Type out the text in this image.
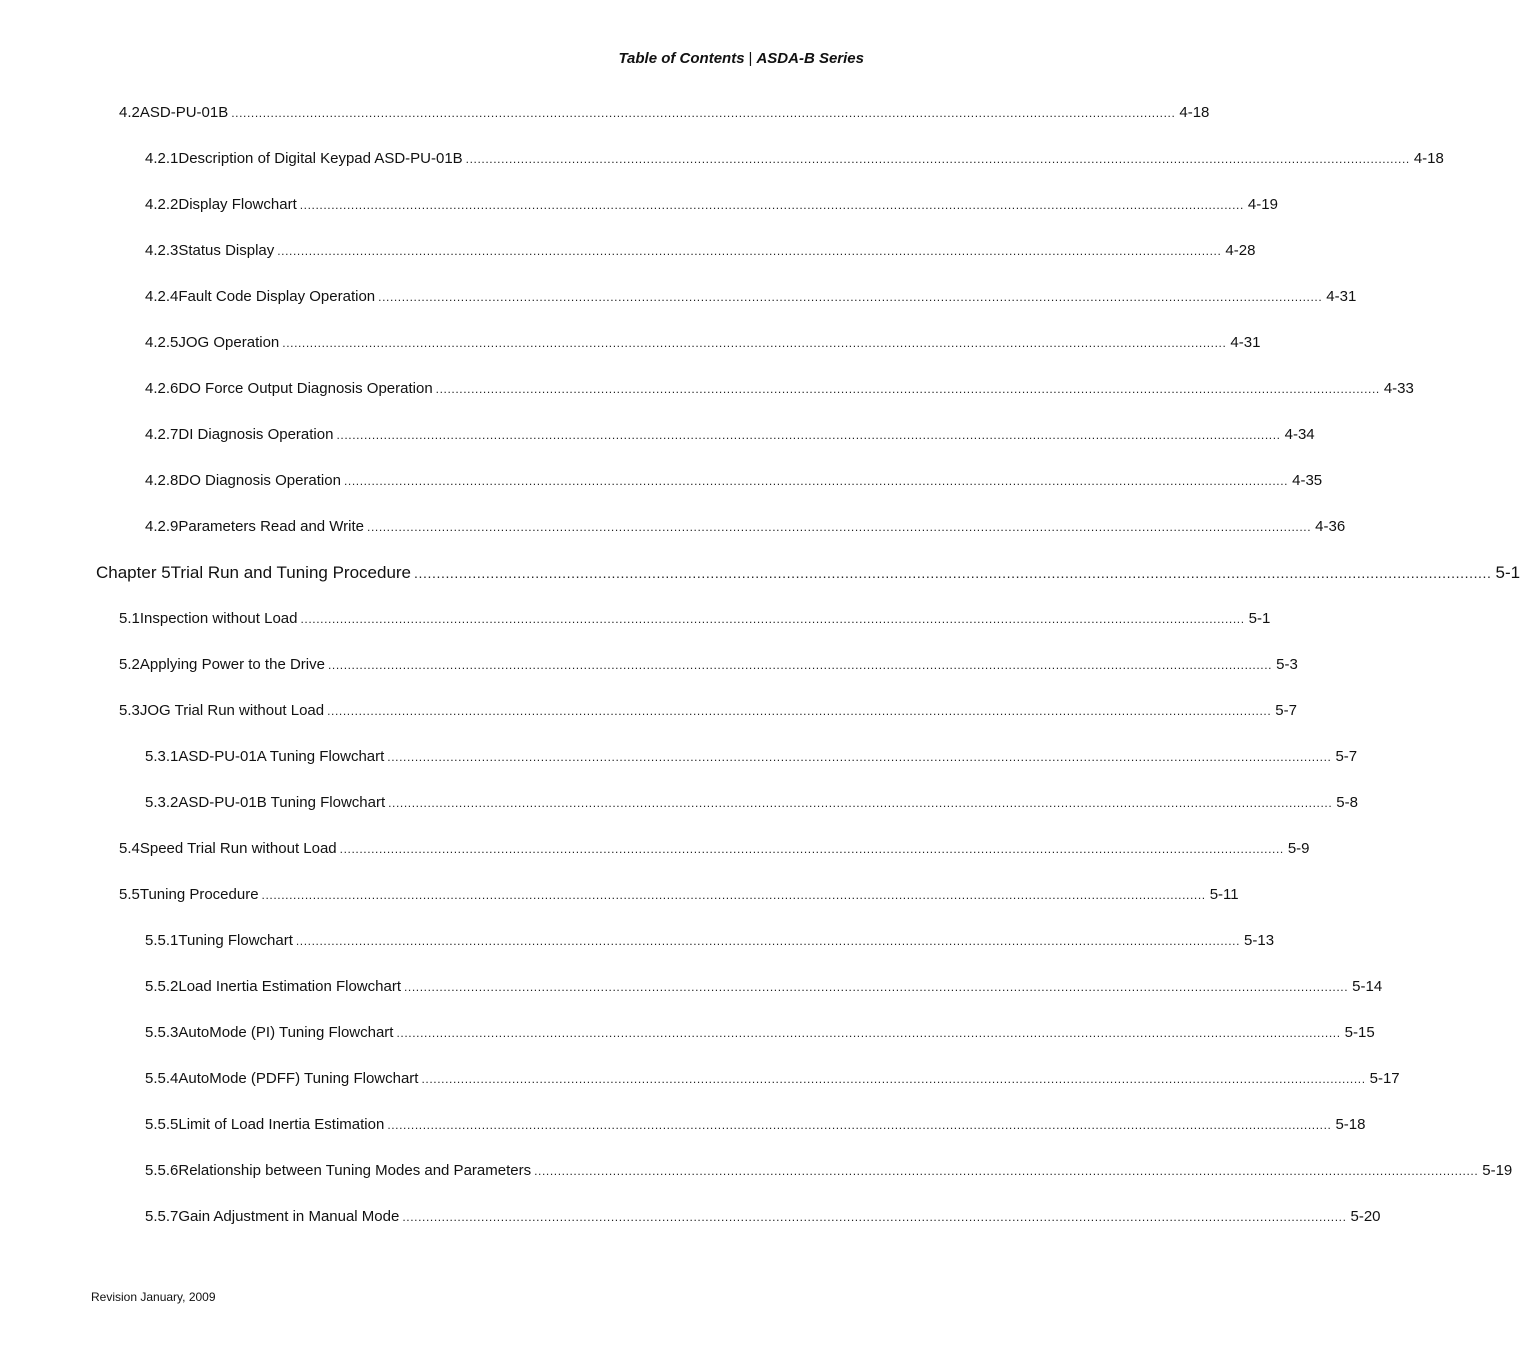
Table of Contents | ASDA-B Series
4.2 ASD-PU-01B ................................................................................................................................................................................................................................................ 4-18
4.2.1 Description of Digital Keypad ASD-PU-01B ................................................................................................................................................................................................................................................ 4-18
4.2.2 Display Flowchart ................................................................................................................................................................................................................................................ 4-19
4.2.3 Status Display ................................................................................................................................................................................................................................................ 4-28
4.2.4 Fault Code Display Operation ................................................................................................................................................................................................................................................ 4-31
4.2.5 JOG Operation ................................................................................................................................................................................................................................................ 4-31
4.2.6 DO Force Output Diagnosis Operation ................................................................................................................................................................................................................................................ 4-33
4.2.7 DI Diagnosis Operation ................................................................................................................................................................................................................................................ 4-34
4.2.8 DO Diagnosis Operation ................................................................................................................................................................................................................................................ 4-35
4.2.9 Parameters Read and Write ................................................................................................................................................................................................................................................ 4-36
Chapter 5 Trial Run and Tuning Procedure ................................................................................................................................................................................................................................................ 5-1
5.1 Inspection without Load ................................................................................................................................................................................................................................................ 5-1
5.2 Applying Power to the Drive ................................................................................................................................................................................................................................................ 5-3
5.3 JOG Trial Run without Load ................................................................................................................................................................................................................................................ 5-7
5.3.1 ASD-PU-01A Tuning Flowchart ................................................................................................................................................................................................................................................ 5-7
5.3.2 ASD-PU-01B Tuning Flowchart ................................................................................................................................................................................................................................................ 5-8
5.4 Speed Trial Run without Load ................................................................................................................................................................................................................................................ 5-9
5.5 Tuning Procedure ................................................................................................................................................................................................................................................ 5-11
5.5.1 Tuning Flowchart ................................................................................................................................................................................................................................................ 5-13
5.5.2 Load Inertia Estimation Flowchart ................................................................................................................................................................................................................................................ 5-14
5.5.3 AutoMode (PI) Tuning Flowchart ................................................................................................................................................................................................................................................ 5-15
5.5.4 AutoMode (PDFF) Tuning Flowchart ................................................................................................................................................................................................................................................ 5-17
5.5.5 Limit of Load Inertia Estimation ................................................................................................................................................................................................................................................ 5-18
5.5.6 Relationship between Tuning Modes and Parameters ................................................................................................................................................................................................................................................ 5-19
5.5.7 Gain Adjustment in Manual Mode ................................................................................................................................................................................................................................................ 5-20
Revision January, 2009
